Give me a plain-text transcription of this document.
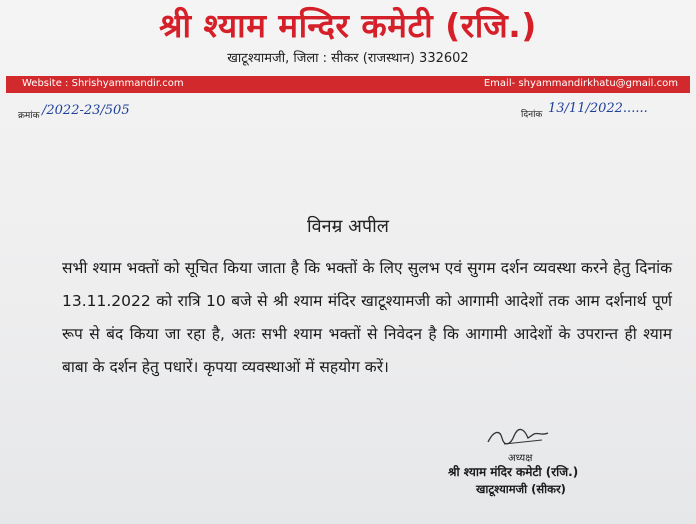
श्री श्याम मन्दिर कमेटी (रजि.)
खाटूश्यामजी, जिला : सीकर (राजस्थान) 332602
Website : Shrishyammandir.com	Email- shyammandirkhatu@gmail.com
क्रमांक /2022-23/505	दिनांक 13/11/2022......
विनम्र अपील
सभी श्याम भक्तों को सूचित किया जाता है कि भक्तों के लिए सुलभ एवं सुगम दर्शन व्यवस्था करने हेतु दिनांक 13.11.2022 को रात्रि 10 बजे से श्री श्याम मंदिर खाटूश्यामजी को आगामी आदेशों तक आम दर्शनार्थ पूर्ण रूप से बंद किया जा रहा है, अतः सभी श्याम भक्तों से निवेदन है कि आगामी आदेशों के उपरान्त ही श्याम बाबा के दर्शन हेतु पधारें। कृपया व्यवस्थाओं में सहयोग करें।
अध्यक्ष
श्री श्याम मंदिर कमेटी (रजि.)
खाटूश्यामजी (सीकर)
